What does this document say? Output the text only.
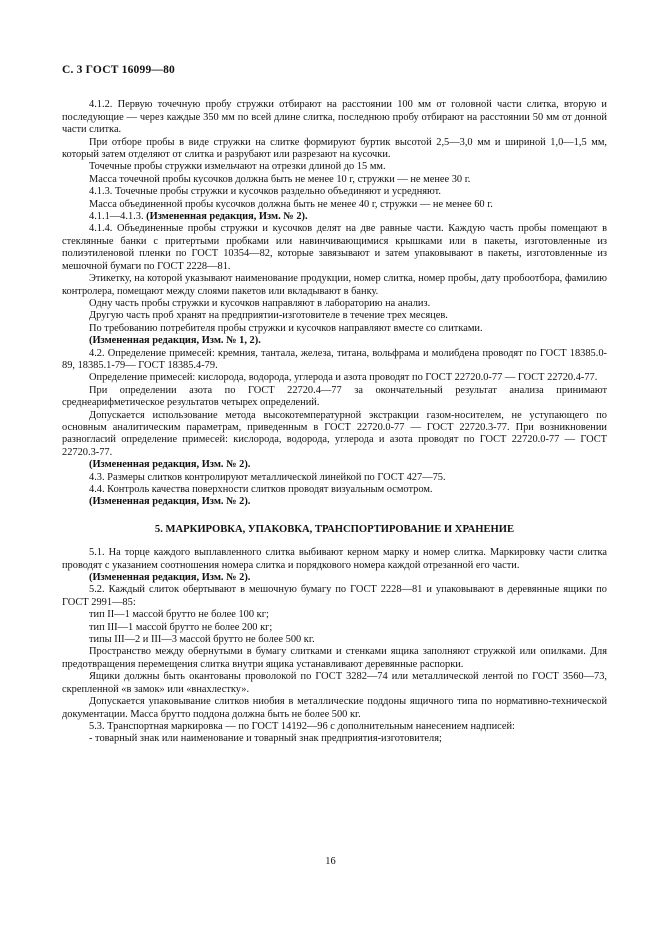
С. 3 ГОСТ 16099—80

4.1.2. Первую точечную пробу стружки отбирают на расстоянии 100 мм от головной части слитка, вторую и последующие — через каждые 350 мм по всей длине слитка, последнюю пробу отбирают на расстоянии 50 мм от донной части слитка.

При отборе пробы в виде стружки на слитке формируют буртик высотой 2,5—3,0 мм и шириной 1,0—1,5 мм, который затем отделяют от слитка и разрубают или разрезают на кусочки.

Точечные пробы стружки измельчают на отрезки длиной до 15 мм.

Масса точечной пробы кусочков должна быть не менее 10 г, стружки — не менее 30 г.

4.1.3. Точечные пробы стружки и кусочков раздельно объединяют и усредняют.

Масса объединенной пробы кусочков должна быть не менее 40 г, стружки — не менее 60 г.

4.1.1—4.1.3. (Измененная редакция, Изм. № 2).

4.1.4. Объединенные пробы стружки и кусочков делят на две равные части. Каждую часть пробы помещают в стеклянные банки с притертыми пробками или навинчивающимися крышками или в пакеты, изготовленные из полиэтиленовой пленки по ГОСТ 10354—82, которые завязывают и затем упаковывают в пакеты, изготовленные из мешочной бумаги по ГОСТ 2228—81.

Этикетку, на которой указывают наименование продукции, номер слитка, номер пробы, дату пробоотбора, фамилию контролера, помещают между слоями пакетов или вкладывают в банку.

Одну часть пробы стружки и кусочков направляют в лабораторию на анализ.

Другую часть проб хранят на предприятии-изготовителе в течение трех месяцев.

По требованию потребителя пробы стружки и кусочков направляют вместе со слитками.

(Измененная редакция, Изм. № 1, 2).

4.2. Определение примесей: кремния, тантала, железа, титана, вольфрама и молибдена проводят по ГОСТ 18385.0-89, 18385.1-79— ГОСТ 18385.4-79.

Определение примесей: кислорода, водорода, углерода и азота проводят по ГОСТ 22720.0-77 — ГОСТ 22720.4-77.

При определении азота по ГОСТ 22720.4—77 за окончательный результат анализа принимают среднеарифметическое результатов четырех определений.

Допускается использование метода высокотемпературной экстракции газом-носителем, не уступающего по основным аналитическим параметрам, приведенным в ГОСТ 22720.0-77 — ГОСТ 22720.3-77. При возникновении разногласий определение примесей: кислорода, водорода, углерода и азота проводят по ГОСТ 22720.0-77 — ГОСТ 22720.3-77.

(Измененная редакция, Изм. № 2).

4.3. Размеры слитков контролируют металлической линейкой по ГОСТ 427—75.

4.4. Контроль качества поверхности слитков проводят визуальным осмотром.

(Измененная редакция, Изм. № 2).

5. МАРКИРОВКА, УПАКОВКА, ТРАНСПОРТИРОВАНИЕ И ХРАНЕНИЕ

5.1. На торце каждого выплавленного слитка выбивают керном марку и номер слитка. Маркировку части слитка проводят с указанием соотношения номера слитка и порядкового номера каждой отрезанной его части.

(Измененная редакция, Изм. № 2).

5.2. Каждый слиток обертывают в мешочную бумагу по ГОСТ 2228—81 и упаковывают в деревянные ящики по ГОСТ 2991—85:

тип II—1 массой брутто не более 100 кг;

тип III—1 массой брутто не более 200 кг;

типы III—2 и III—3 массой брутто не более 500 кг.

Пространство между обернутыми в бумагу слитками и стенками ящика заполняют стружкой или опилками. Для предотвращения перемещения слитка внутри ящика устанавливают деревянные распорки.

Ящики должны быть окантованы проволокой по ГОСТ 3282—74 или металлической лентой по ГОСТ 3560—73, скрепленной «в замок» или «внахлестку».

Допускается упаковывание слитков ниобия в металлические поддоны ящичного типа по нормативно-технической документации. Масса брутто поддона должна быть не более 500 кг.

5.3. Транспортная маркировка — по ГОСТ 14192—96 с дополнительным нанесением надписей:

- товарный знак или наименование и товарный знак предприятия-изготовителя;

16
